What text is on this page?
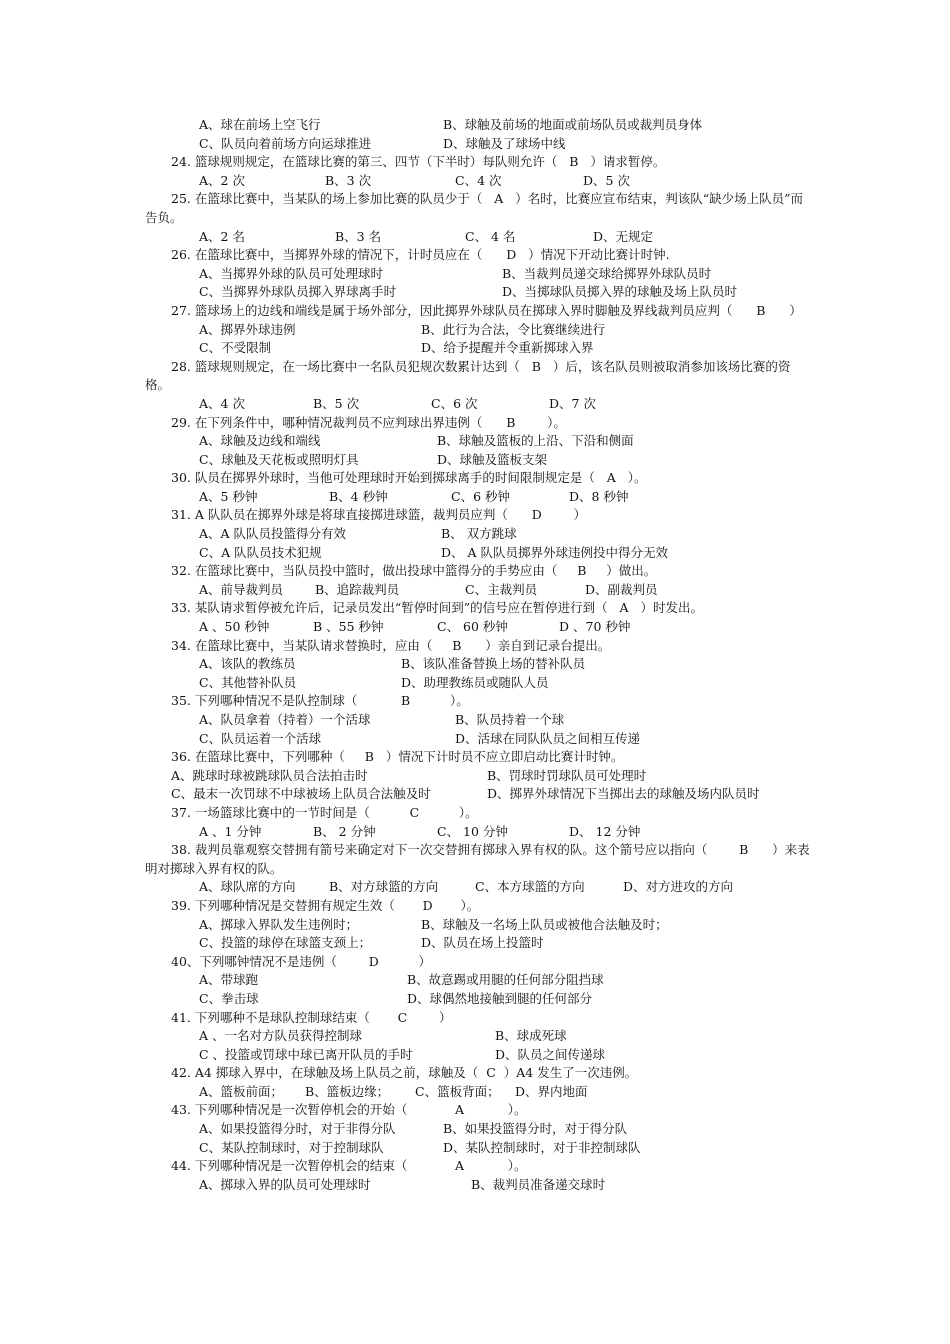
A、球在前场上空飞行	B、球触及前场的地面或前场队员或裁判员身体
C、队员向着前场方向运球推进	D、球触及了球场中线

24. 篮球规则规定，在篮球比赛的第三、四节（下半时）每队则允许（   B   ）请求暂停。

A、2 次	B、3 次	C、4 次	D、5 次

25. 在篮球比赛中，当某队的场上参加比赛的队员少于（   A   ）名时，比赛应宣布结束，判该队“缺少场上队员”而告负。

A、2 名	B、3 名	C、 4 名	D、无规定

26. 在篮球比赛中，当掷界外球的情况下，计时员应在（      D   ）情况下开动比赛计时钟.

A、当掷界外球的队员可处理球时	B、当裁判员递交球给掷界外球队员时
C、当掷界外球队员掷入界球离手时	D、当掷球队员掷入界的球触及场上队员时

27. 篮球场上的边线和端线是属于场外部分，因此掷界外球队员在掷球入界时脚触及界线裁判员应判（      B      ）

A、掷界外球违例	B、此行为合法，令比赛继续进行
C、不受限制	D、给予提醒并令重新掷球入界

28. 篮球规则规定，在一场比赛中一名队员犯规次数累计达到（   B   ）后，该名队员则被取消参加该场比赛的资格。

A、4 次	B、5 次	C、6 次	D、7 次

29. 在下列条件中，哪种情况裁判员不应判球出界违例（      B        ）。

A、球触及边线和端线	B、球触及篮板的上沿、下沿和侧面
C、球触及天花板或照明灯具	D、球触及篮板支架

30. 队员在掷界外球时，当他可处理球时开始到掷球离手的时间限制规定是（   A   ）。

A、5 秒钟	B、4 秒钟	C、6 秒钟	D、8 秒钟

31. A 队队员在掷界外球是将球直接掷进球篮，裁判员应判（      D        ）

A、A 队队员投篮得分有效	B、 双方跳球
C、A 队队员技术犯规	D、 A 队队员掷界外球违例投中得分无效

32. 在篮球比赛中，当队员投中篮时，做出投球中篮得分的手势应由（     B     ）做出。

A、前导裁判员	B、追踪裁判员	C、主裁判员	D、副裁判员

33. 某队请求暂停被允许后，记录员发出“暂停时间到”的信号应在暂停进行到（   A   ）时发出。

A 、50 秒钟	B 、55 秒钟	C、 60 秒钟	D 、70 秒钟

34. 在篮球比赛中，当某队请求替换时，应由（     B      ）亲自到记录台提出。

A、该队的教练员	B、该队准备替换上场的替补队员
C、其他替补队员	D、助理教练员或随队人员

35. 下列哪种情况不是队控制球（           B          ）。

A、队员拿着（持着）一个活球	B、队员持着一个球
C、队员运着一个活球	D、活球在同队队员之间相互传递

36. 在篮球比赛中，下列哪种（     B   ）情况下计时员不应立即启动比赛计时钟。

A、跳球时球被跳球队员合法拍击时	B、罚球时罚球队员可处理时
C、最末一次罚球不中球被场上队员合法触及时	D、掷界外球情况下当掷出去的球触及场内队员时

37. 一场篮球比赛中的一节时间是（          C          ）。

A 、1 分钟	B、 2 分钟	C、 10 分钟	D、 12 分钟

38. 裁判员靠观察交替拥有箭号来确定对下一次交替拥有掷球入界有权的队。这个箭号应以指向（        B      ）来表明对掷球入界有权的队。

A、球队席的方向	B、对方球篮的方向	C、本方球篮的方向	D、对方进攻的方向

39. 下列哪种情况是交替拥有规定生效（       D       ）。

A、掷球入界队发生违例时；	B、球触及一名场上队员或被他合法触及时；
C、投篮的球停在球篮支颈上；	D、队员在场上投篮时

40、下列哪钟情况不是违例（        D          ）

A、带球跑	B、故意踢或用腿的任何部分阻挡球
C、拳击球	D、球偶然地接触到腿的任何部分

41. 下列哪种不是球队控制球结束（       C        ）

A 、一名对方队员获得控制球	B、球成死球
C 、投篮或罚球中球已离开队员的手时	D、队员之间传递球

42. A4 掷球入界中，在球触及场上队员之前，球触及（  C  ）A4 发生了一次违例。

A、篮板前面； B、篮板边缘； C、篮板背面； D、界内地面

43. 下列哪种情况是一次暂停机会的开始（            A           ）。

A、如果投篮得分时，对于非得分队	B、如果投篮得分时，对于得分队
C、某队控制球时，对于控制球队	D、某队控制球时，对于非控制球队

44. 下列哪种情况是一次暂停机会的结束（            A           ）。

A、掷球入界的队员可处理球时	B、裁判员准备递交球时
